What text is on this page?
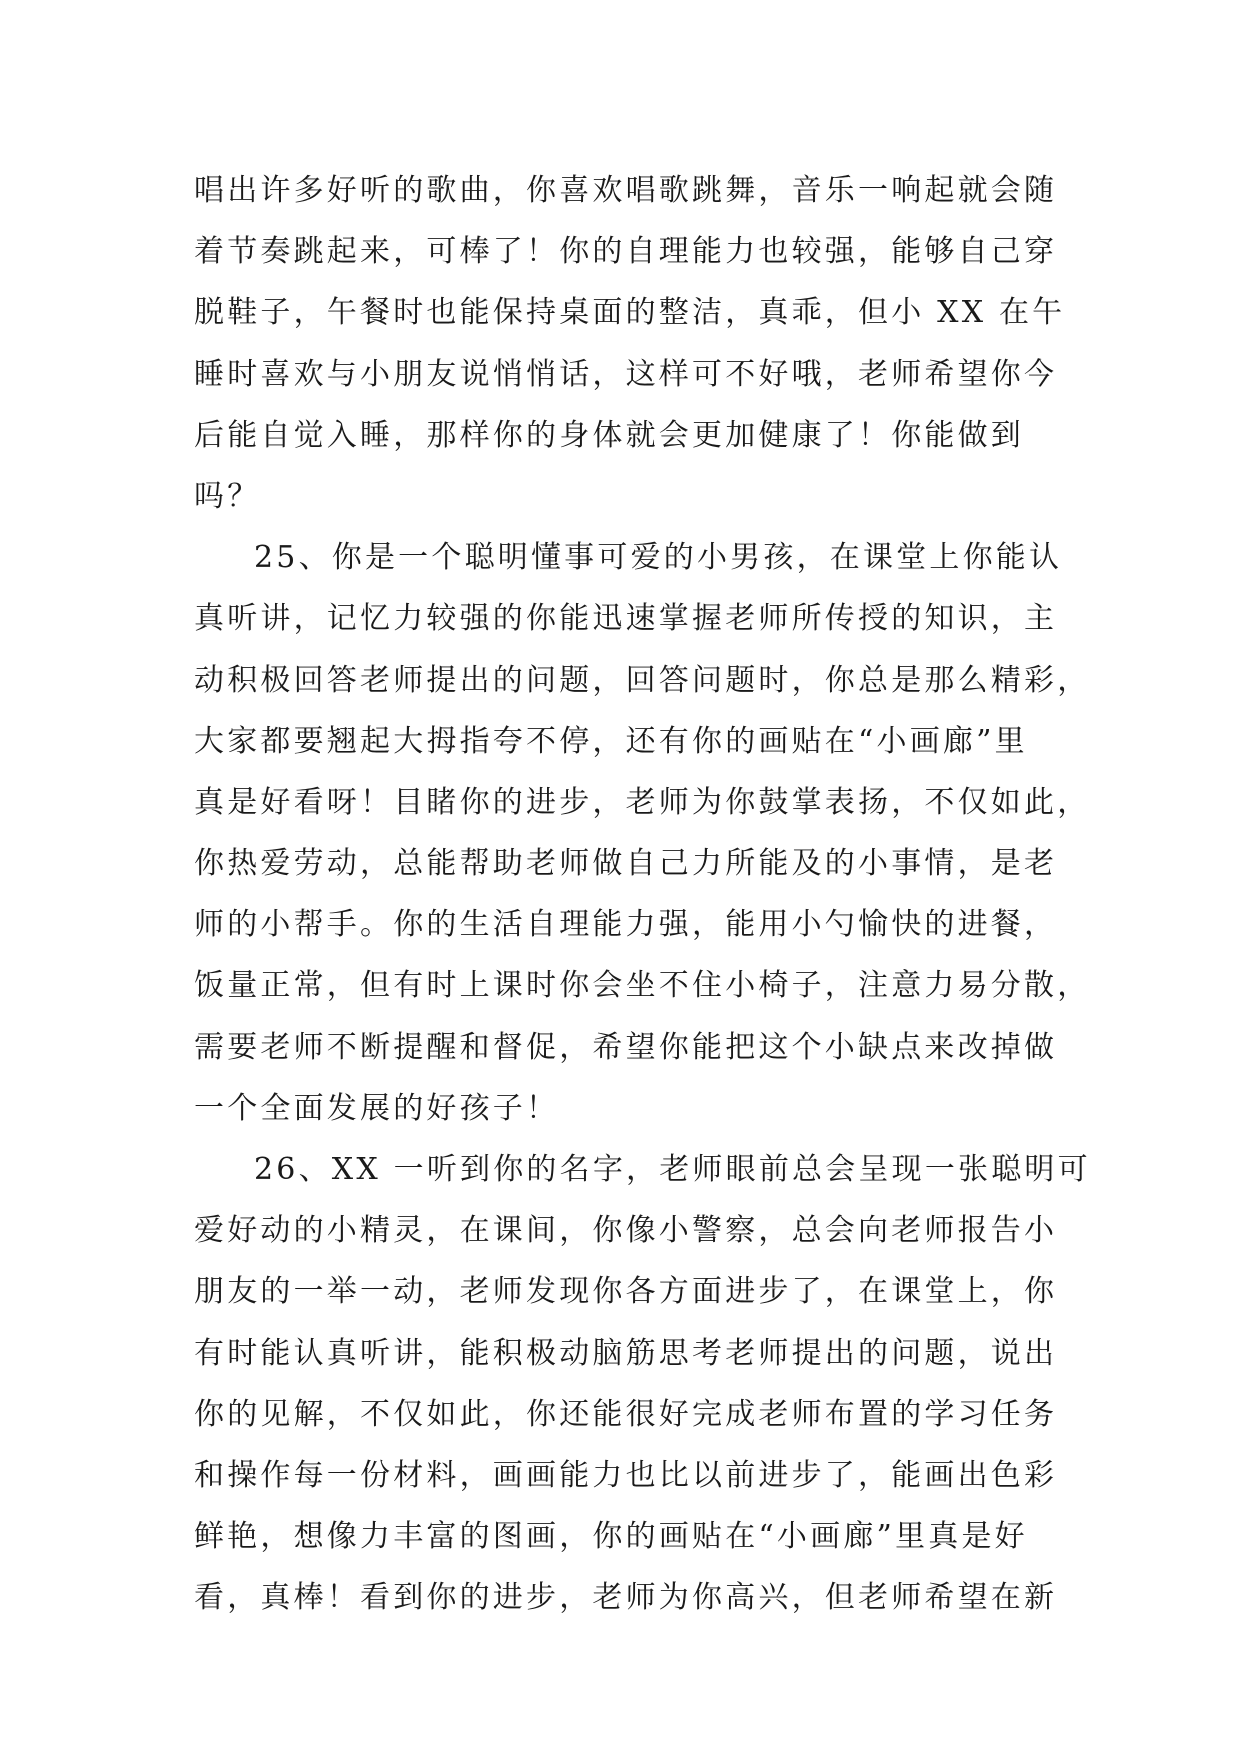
唱出许多好听的歌曲，你喜欢唱歌跳舞，音乐一响起就会随
着节奏跳起来，可棒了！你的自理能力也较强，能够自己穿
脱鞋子，午餐时也能保持桌面的整洁，真乖，但小 XX 在午
睡时喜欢与小朋友说悄悄话，这样可不好哦，老师希望你今
后能自觉入睡，那样你的身体就会更加健康了！你能做到
吗？
25、你是一个聪明懂事可爱的小男孩，在课堂上你能认
真听讲，记忆力较强的你能迅速掌握老师所传授的知识，主
动积极回答老师提出的问题，回答问题时，你总是那么精彩，
大家都要翘起大拇指夸不停，还有你的画贴在“小画廊”里
真是好看呀！目睹你的进步，老师为你鼓掌表扬，不仅如此，
你热爱劳动，总能帮助老师做自己力所能及的小事情，是老
师的小帮手。你的生活自理能力强，能用小勺愉快的进餐，
饭量正常，但有时上课时你会坐不住小椅子，注意力易分散，
需要老师不断提醒和督促，希望你能把这个小缺点来改掉做
一个全面发展的好孩子！
26、XX 一听到你的名字，老师眼前总会呈现一张聪明可
爱好动的小精灵，在课间，你像小警察，总会向老师报告小
朋友的一举一动，老师发现你各方面进步了，在课堂上，你
有时能认真听讲，能积极动脑筋思考老师提出的问题，说出
你的见解，不仅如此，你还能很好完成老师布置的学习任务
和操作每一份材料，画画能力也比以前进步了，能画出色彩
鲜艳，想像力丰富的图画，你的画贴在“小画廊”里真是好
看，真棒！看到你的进步，老师为你高兴，但老师希望在新
